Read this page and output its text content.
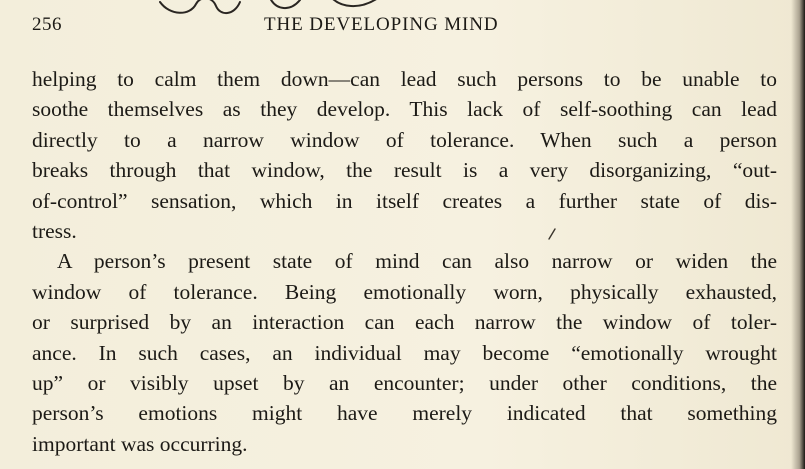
256	THE DEVELOPING MIND
helping to calm them down—can lead such persons to be unable to
soothe themselves as they develop. This lack of self-soothing can lead
directly to a narrow window of tolerance. When such a person
breaks through that window, the result is a very disorganizing, “out-
of-control” sensation, which in itself creates a further state of dis-
tress.
A person’s present state of mind can also narrow or widen the
window of tolerance. Being emotionally worn, physically exhausted,
or surprised by an interaction can each narrow the window of toler-
ance. In such cases, an individual may become “emotionally wrought
up” or visibly upset by an encounter; under other conditions, the
person’s emotions might have merely indicated that something
important was occurring.
